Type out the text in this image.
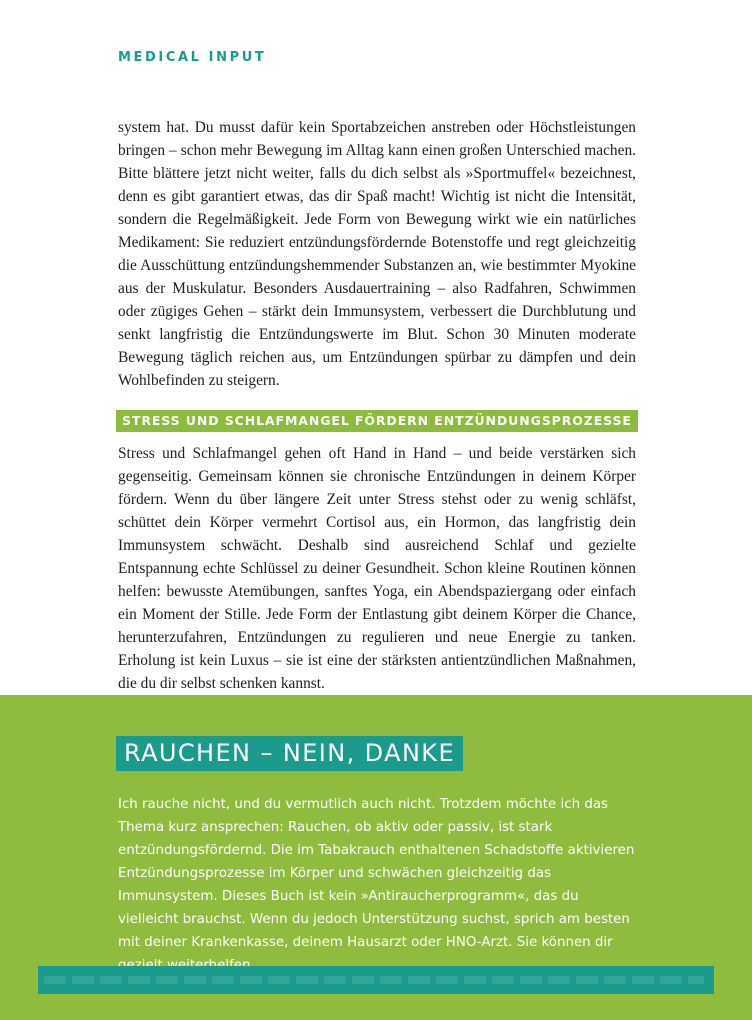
MEDICAL INPUT

system hat. Du musst dafür kein Sportabzeichen anstreben oder Höchstleistungen bringen – schon mehr Bewegung im Alltag kann einen großen Unterschied machen. Bitte blättere jetzt nicht weiter, falls du dich selbst als »Sportmuffel« bezeichnest, denn es gibt garantiert etwas, das dir Spaß macht! Wichtig ist nicht die Intensität, sondern die Regelmäßigkeit. Jede Form von Bewegung wirkt wie ein natürliches Medikament: Sie reduziert entzündungsfördernde Botenstoffe und regt gleichzeitig die Ausschüttung entzündungshemmender Substanzen an, wie bestimmter Myokine aus der Muskulatur. Besonders Ausdauertraining – also Radfahren, Schwimmen oder zügiges Gehen – stärkt dein Immunsystem, verbessert die Durchblutung und senkt langfristig die Entzündungswerte im Blut. Schon 30 Minuten moderate Bewegung täglich reichen aus, um Entzündungen spürbar zu dämpfen und dein Wohlbefinden zu steigern.

STRESS UND SCHLAFMANGEL FÖRDERN ENTZÜNDUNGSPROZESSE

Stress und Schlafmangel gehen oft Hand in Hand – und beide verstärken sich gegenseitig. Gemeinsam können sie chronische Entzündungen in deinem Körper fördern. Wenn du über längere Zeit unter Stress stehst oder zu wenig schläfst, schüttet dein Körper vermehrt Cortisol aus, ein Hormon, das langfristig dein Immunsystem schwächt. Deshalb sind ausreichend Schlaf und gezielte Entspannung echte Schlüssel zu deiner Gesundheit. Schon kleine Routinen können helfen: bewusste Atemübungen, sanftes Yoga, ein Abendspaziergang oder einfach ein Moment der Stille. Jede Form der Entlastung gibt deinem Körper die Chance, herunterzufahren, Entzündungen zu regulieren und neue Energie zu tanken. Erholung ist kein Luxus – sie ist eine der stärksten antientzündlichen Maßnahmen, die du dir selbst schenken kannst.

RAUCHEN – NEIN, DANKE

Ich rauche nicht, und du vermutlich auch nicht. Trotzdem möchte ich das Thema kurz ansprechen: Rauchen, ob aktiv oder passiv, ist stark entzündungsfördernd. Die im Tabakrauch enthaltenen Schadstoffe aktivieren Entzündungsprozesse im Körper und schwächen gleichzeitig das Immunsystem. Dieses Buch ist kein »Antiraucherprogramm«, das du vielleicht brauchst. Wenn du jedoch Unterstützung suchst, sprich am besten mit deiner Krankenkasse, deinem Hausarzt oder HNO-Arzt. Sie können dir
